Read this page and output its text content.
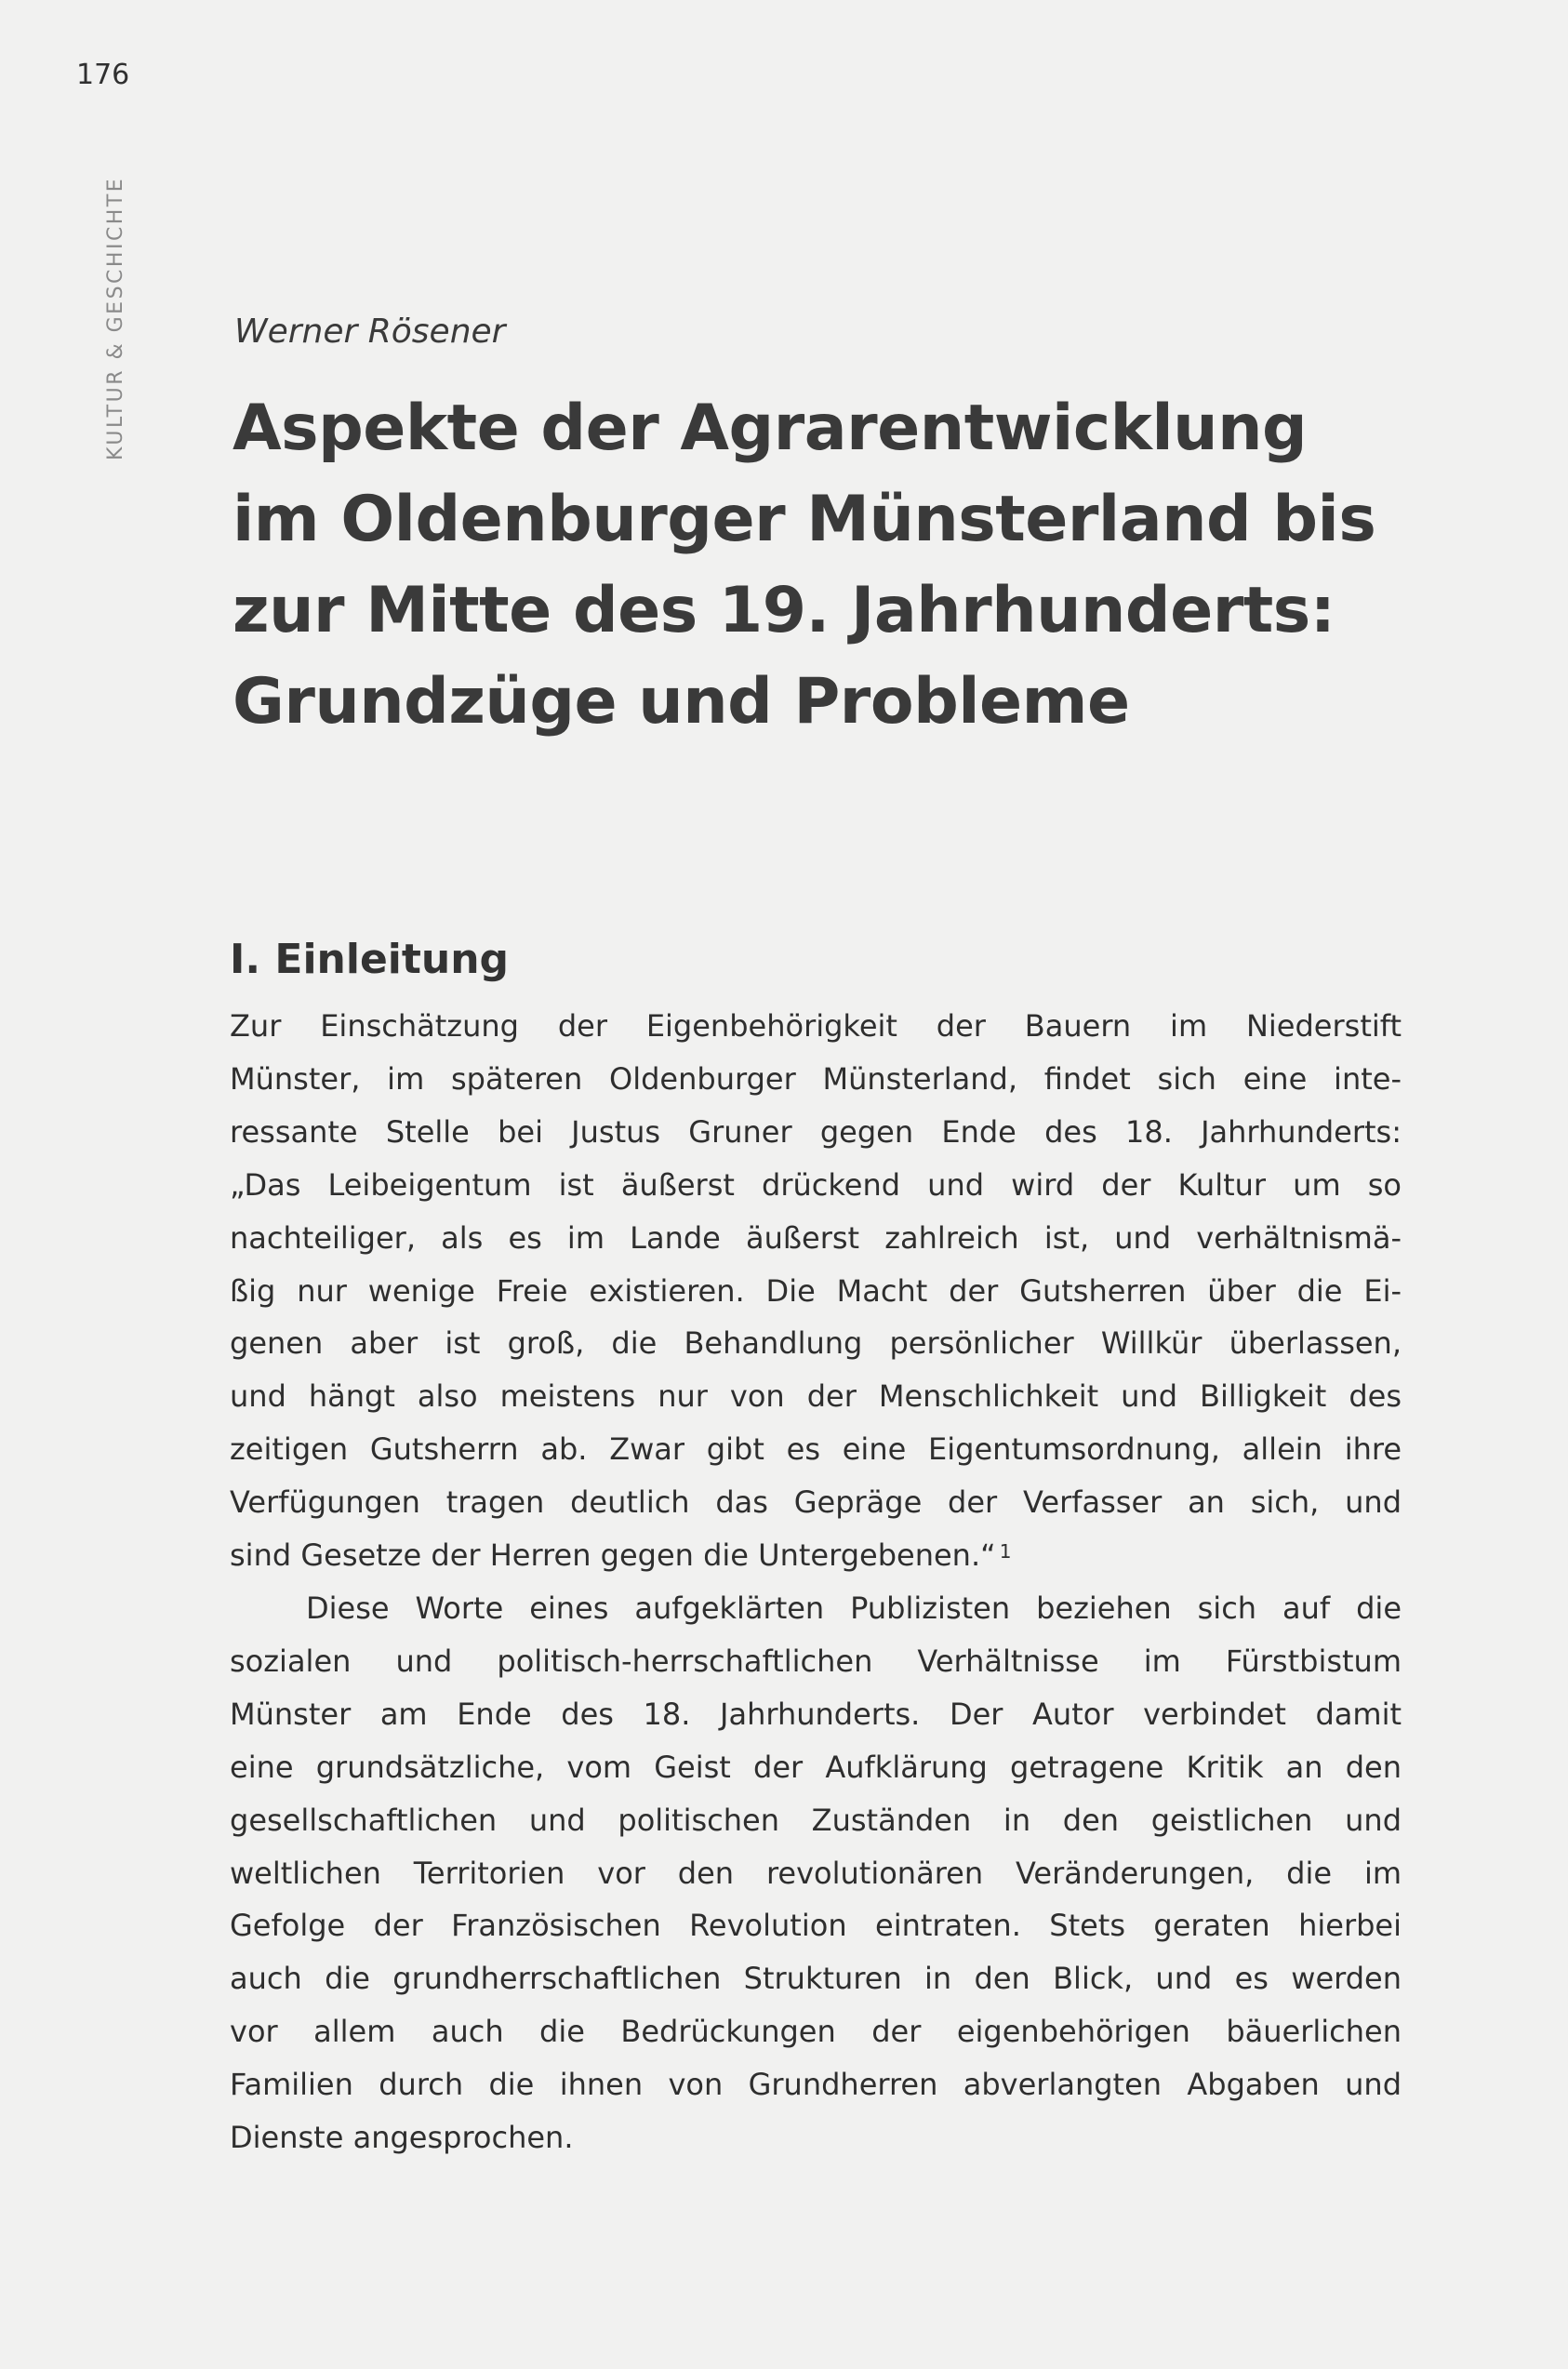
176
KULTUR & GESCHICHTE	Werner Rösener
Aspekte der Agrarentwicklung
im Oldenburger Münsterland bis
zur Mitte des 19. Jahrhunderts:
Grundzüge und Probleme
I. Einleitung
Zur Einschätzung der Eigenbehörigkeit der Bauern im Niederstift
Münster, im späteren Oldenburger Münsterland, findet sich eine inte-
ressante Stelle bei Justus Gruner gegen Ende des 18. Jahrhunderts:
„Das Leibeigentum ist äußerst drückend und wird der Kultur um so
nachteiliger, als es im Lande äußerst zahlreich ist, und verhältnismä-
ßig nur wenige Freie existieren. Die Macht der Gutsherren über die Ei-
genen aber ist groß, die Behandlung persönlicher Willkür überlassen,
und hängt also meistens nur von der Menschlichkeit und Billigkeit des
zeitigen Gutsherrn ab. Zwar gibt es eine Eigentumsordnung, allein ihre
Verfügungen tragen deutlich das Gepräge der Verfasser an sich, und
sind Gesetze der Herren gegen die Untergebenen.“ $^1$
Diese Worte eines aufgeklärten Publizisten beziehen sich auf die
sozialen und politisch-herrschaftlichen Verhältnisse im Fürstbistum
Münster am Ende des 18. Jahrhunderts. Der Autor verbindet damit
eine grundsätzliche, vom Geist der Aufklärung getragene Kritik an den
gesellschaftlichen und politischen Zuständen in den geistlichen und
weltlichen Territorien vor den revolutionären Veränderungen, die im
Gefolge der Französischen Revolution eintraten. Stets geraten hierbei
auch die grundherrschaftlichen Strukturen in den Blick, und es werden
vor allem auch die Bedrückungen der eigenbehörigen bäuerlichen
Familien durch die ihnen von Grundherren abverlangten Abgaben und
Dienste angesprochen.
